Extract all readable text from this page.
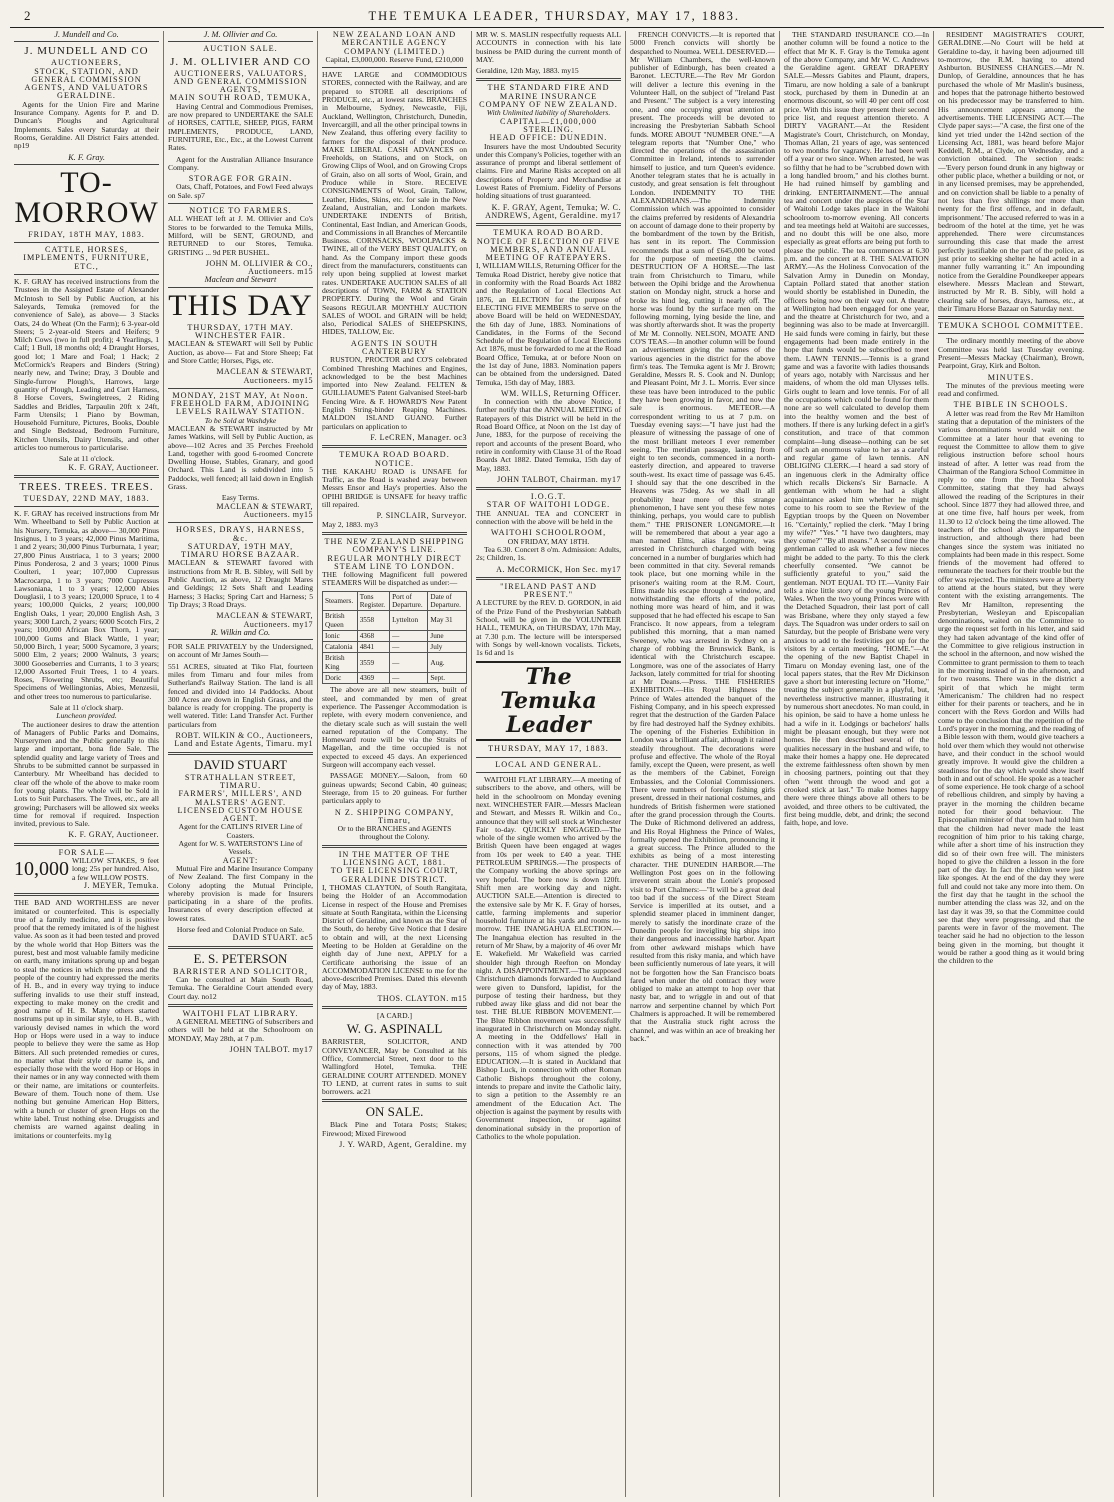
2	THE TEMUKA LEADER, THURSDAY, MAY 17, 1883.
J. Mundell and Co.
J. MUNDELL AND CO
AUCTIONEERS,
STOCK, STATION, AND GENERAL COMMISSION AGENTS, AND VALUATORS GERALDINE.

Agents for the Union Fire and Marine Insurance Company. Agents for P. and D. Duncan's Ploughs and Agricultural Implements. Sales every Saturday at their Rooms, Geraldine. All District Fairs attended. np19

K. F. Gray.
TO-MORROW
FRIDAY, 18TH MAY, 1883.
CATTLE, HORSES, IMPLEMENTS, FURNITURE, ETC.,

K. F. GRAY has received instructions from the Trustees in the Assigned Estate of Alexander McIntosh to Sell by Public Auction, at his Saleyards, Temuka (removed for the convenience of Sale), as above— 3 Stacks Oats, 24 do Wheat (On the Farm); 6 3-year-old Steers; 5 2-year-old Steers and Heifers; 9 Milch Cows (two in full profit); 4 Yearlings, 1 Calf; 1 Bull, 18 months old; 4 Draught Horses, good lot; 1 Mare and Foal; 1 Hack; 2 McCormick's Reapers and Binders (String) nearly new, and Twine; Dray, 3 Double and Single-furrow Plough's, Harrows, large quantity of Plough, Leading and Cart Harness, 8 Horse Covers, Swingletrees, 2 Riding Saddles and Bridles, Tarpaulin 20ft x 24ft, Farm Utensils; 1 Piano by Bowman, Household Furniture, Pictures, Books, Double and Single Bedstead, Bedroom Furniture, Kitchen Utensils, Dairy Utensils, and other articles too numerous to particularise.

Sale at 11 o'clock.
K. F. GRAY, Auctioneer.
TREES. TREES. TREES.
TUESDAY, 22ND MAY, 1883.

K. F. GRAY has received instructions from Mr Wm. Wheelband to Sell by Public Auction at his Nursery, Temuka, as above— 30,000 Pinus Insignus, 1 to 3 years; 42,000 Pinus Maritima, 1 and 2 years; 30,000 Pinus Turburnata, 1 year; 27,800 Pinus Austriaca, 1 to 3 years; 2000 Pinus Ponderosa, 2 and 3 years; 1000 Pinus Coulteri, 1 year; 107,000 Cupressus Macrocarpa, 1 to 3 years; 7000 Cupressus Lawsoniana, 1 to 3 years; 12,000 Abies Douglasii, 1 to 3 years; 120,000 Spruce, 1 to 4 years; 100,000 Quicks, 2 years; 100,000 English Oaks, 1 year; 20,000 English Ash, 3 years; 3000 Larch, 2 years; 6000 Scotch Firs, 2 years; 100,000 African Box Thorn, 1 year; 100,000 Gums and Black Wattle, 1 year; 50,000 Birch, 1 year; 5000 Sycamore, 3 years; 5000 Elm, 2 years; 2000 Walnuts, 3 years; 3000 Gooseberries and Currants, 1 to 3 years; 12,000 Assorted Fruit Trees, 1 to 4 years. Roses, Flowering Shrubs, etc; Beautiful Specimens of Wellingtonias, Abies, Menzesii, and other trees too numerous to particularise.

Sale at 11 o'clock sharp.
Luncheon provided.

The auctioneer desires to draw the attention of Managers of Public Parks and Domains, Nurserymen and the Public generally to this large and important, bona fide Sale. The splendid quality and large variety of Trees and Shrubs to be submitted cannot be surpassed in Canterbury. Mr Wheelband has decided to clear off the whole of the above to make room for young plants. The whole will be Sold in Lots to Suit Purchasers. The Trees, etc., are all growing; Purchasers will be allowed six weeks time for removal if required. Inspection invited, previous to Sale.

K. F. GRAY, Auctioneer.
FOR SALE—
10,000 WILLOW STAKES, 9 feet long; 25s per hundred. Also, a few WILLOW POSTS.
J. MEYER, Temuka.

THE BAD AND WORTHLESS are never imitated or counterfeited. This is especially true of a family medicine, and it is positive proof that the remedy imitated is of the highest value. As soon as it had been tested and proved by the whole world that Hop Bitters was the purest, best and most valuable family medicine on earth, many imitations sprung up and began to steal the notices in which the press and the people of the country had expressed the merits of H. B., and in every way trying to induce suffering invalids to use their stuff instead, expecting to make money on the credit and good name of H. B. Many others started nostrums put up in similar style, to H. B., with variously devised names in which the word Hop or Hops were used in a way to induce people to believe they were the same as Hop Bitters. All such pretended remedies or cures, no matter what their style or name is, and especially those with the word Hop or Hops in their names or in any way connected with them or their name, are imitations or counterfeits. Beware of them. Touch none of them. Use nothing but genuine American Hop Bitters, with a bunch or cluster of green Hops on the white label. Trust nothing else. Druggists and chemists are warned against dealing in imitations or counterfeits. my1g

J. M. Ollivier and Co.
AUCTION SALE.
J. M. OLLIVIER AND CO
AUCTIONEERS, VALUATORS, AND GENERAL COMMISSION AGENTS,
MAIN SOUTH ROAD, TEMUKA,

Having Central and Commodious Premises, are now prepared to UNDERTAKE the SALE of HORSES, CATTLE, SHEEP, PIGS, FARM IMPLEMENTS, PRODUCE, LAND, FURNITURE, Etc., Etc., at the Lowest Current Rates.

Agent for the Australian Alliance Insurance Company.

STORAGE FOR GRAIN.

Oats, Chaff, Potatoes, and Fowl Feed always on Sale. sp7

NOTICE TO FARMERS.

ALL WHEAT left at J. M. Ollivier and Co's Stores to be forwarded to the Temuka Mills, Milford, will be SENT, GROUND, and RETURNED to our Stores, Temuka. GRISTING ... 9d PER BUSHEL.

JOHN M. OLLIVIER & CO., Auctioneers. m15
Maclean and Stewart
THIS DAY
THURSDAY, 17TH MAY.
WINCHESTER FAIR.

MACLEAN & STEWART will Sell by Public Auction, as above— Fat and Store Sheep; Fat and Store Cattle; Horses, Pigs, etc.

MACLEAN & STEWART, Auctioneers. my15
MONDAY, 21ST MAY, At Noon.
FREEHOLD FARM, ADJOINING LEVELS RAILWAY STATION.
To be Sold at Washdyke

MACLEAN & STEWART instructed by Mr James Watkins, will Sell by Public Auction, as above—102 Acres and 35 Perches Freehold Land, together with good 6-roomed Concrete Dwelling House, Stables, Granary, and good Orchard. This Land is subdivided into 5 Paddocks, well fenced; all laid down in English Grass.

Easy Terms.
MACLEAN & STEWART, Auctioneers. my15
HORSES, DRAYS, HARNESS, &c.
SATURDAY, 19TH MAY,
TIMARU HORSE BAZAAR.

MACLEAN & STEWART favored with instructions from Mr R. B. Sibley, will Sell by Public Auction, as above, 12 Draught Mares and Geldings; 12 Sets Shaft and Leading Harness; 3 Hacks; Spring Cart and Harness; 5 Tip Drays; 3 Road Drays.

MACLEAN & STEWART, Auctioneers. my17
R. Wilkin and Co.

FOR SALE PRIVATELY by the Undersigned, on account of Mr James South—

551 ACRES, situated at Tiko Flat, fourteen miles from Timaru and four miles from Sutherland's Railway Station. The land is all fenced and divided into 14 Paddocks. About 300 Acres are down in English Grass, and the balance is ready for cropping. The property is well watered. Title: Land Transfer Act. Further particulars from

ROBT. WILKIN & CO., Auctioneers, Land and Estate Agents, Timaru. my1
DAVID STUART
STRATHALLAN STREET, TIMARU.
FARMERS', MILLERS', AND MALSTERS' AGENT.
LICENSED CUSTOM HOUSE AGENT.
Agent for the CATLIN'S RIVER Line of Coasters.
Agent for W. S. WATERSTON'S Line of Vessels.
AGENT:

Mutual Fire and Marine Insurance Company of New Zealand. The first Company in the Colony adopting the Mutual Principle, whereby provision is made for Insurers participating in a share of the profits. Insurances of every description effected at lowest rates.

Horse feed and Colonial Produce on Sale.
DAVID STUART. ac5
E. S. PETERSON
BARRISTER AND SOLICITOR,

Can be consulted at Main South Road, Temuka. The Geraldine Court attended every Court day. no12

WAITOHI FLAT LIBRARY.

A GENERAL MEETING of Subscribers and others will be held at the Schoolroom on MONDAY, May 28th, at 7 p.m.

JOHN TALBOT. my17
NEW ZEALAND LOAN AND MERCANTILE AGENCY COMPANY (LIMITED.)
Capital, £3,000,000. Reserve Fund, £210,000

HAVE LARGE and COMMODIOUS STORES, connected with the Railway, and are prepared to STORE all descriptions of PRODUCE, etc., at lowest rates. BRANCHES in Melbourne, Sydney, Newcastle, Fiji, Auckland, Wellington, Christchurch, Dunedin, Invercargill, and all the other principal towns in New Zealand, thus offering every facility to farmers for the disposal of their produce. MAKE LIBERAL CASH ADVANCES on Freeholds, on Stations, and on Stock, on Growing Clips of Wool, and on Growing Crops of Grain, also on all sorts of Wool, Grain, and Produce while in Store. RECEIVE CONSIGNMENTS of Wool, Grain, Tallow, Leather, Hides, Skins, etc. for sale in the New Zealand, Australian, and London markets. UNDERTAKE INDENTS of British, Continental, East Indian, and American Goods, and Commissions in all Branches of Mercantile Business. CORNSACKS, WOOLPACKS & TWINE, all of the VERY BEST QUALITY, on hand. As the Company import these goods direct from the manufacturers, constituents can rely upon being supplied at lowest market rates. UNDERTAKE AUCTION SALES of all descriptions of TOWN, FARM & STATION PROPERTY. During the Wool and Grain Seasons REGULAR MONTHLY AUCTION SALES of WOOL and GRAIN will be held; also, Periodical SALES of SHEEPSKINS, HIDES, TALLOW, Etc.

AGENTS IN SOUTH CANTERBURY

RUSTON, PROCTOR and CO'S celebrated Combined Threshing Machines and Engines, acknowledged to be the best Machines imported into New Zealand. FELTEN & GUILLIAUME'S Patent Galvanised Steel-barb Fencing Wire. & F. HOWARD'S New Patent English String-binder Reaping Machines. MALDON ISLAND GUANO. Further particulars on application to

F. LeCREN, Manager. oc3
TEMUKA ROAD BOARD.
NOTICE.

THE KAKAHU ROAD is UNSAFE for Traffic, as the Road is washed away between Messrs Ensor and Hay's properties. Also the OPIHI BRIDGE is UNSAFE for heavy traffic till repaired.

P. SINCLAIR, Surveyor.
May 2, 1883. my3
THE NEW ZEALAND SHIPPING COMPANY'S LINE.
REGULAR MONTHLY DIRECT STEAM LINE TO LONDON.

THE following Magnificent full powered STEAMERS Will be dispatched as under:—

Steamers.	Tons Register.	Port of Departure.	Date of Departure.
British Queen	3558	Lyttelton	May 31
Ionic	4368	—	June
Catalonia	4841	—	July
British King	3559	—	Aug.
Doric	4369	—	Sept.

The above are all new steamers, built of steel, and commanded by men of great experience. The Passenger Accommodation is replete, with every modern convenience, and the dietary scale such as will sustain the well earned reputation of the Company. The Homeward route will be via the Straits of Magellan, and the time occupied is not expected to exceed 45 days. An experienced Surgeon will accompany each vessel.

PASSAGE MONEY.—Saloon, from 60 guineas upwards; Second Cabin, 40 guineas; Steerage, from 15 to 20 guineas. For further particulars apply to

N Z. SHIPPING COMPANY, Timaru,
Or to the BRANCHES and AGENTS throughout the Colony.
IN THE MATTER OF THE LICENSING ACT, 1881.
TO THE LICENSING COURT, GERALDINE DISTRICT.

I, THOMAS CLAYTON, of South Rangitata, being the Holder of an Accommodation License in respect of the House and Premises situate at South Rangitata, within the Licensing District of Geraldine, and known as the Star of the South, do hereby Give Notice that I desire to obtain and will, at the next Licensing Meeting to be Holden at Geraldine on the eighth day of June next, APPLY for a Certificate authorising the issue of an ACCOMMODATION LICENSE to me for the above-described Premises. Dated this eleventh day of May, 1883.

THOS. CLAYTON. m15
[A CARD.]
W. G. ASPINALL

BARRISTER, SOLICITOR, AND CONVEYANCER, May be Consulted at his Office, Commercial Street, next door to the Wallingford Hotel, Temuka. THE GERALDINE COURT ATTENDED. MONEY TO LEND, at current rates in sums to suit borrowers. ac21

ON SALE.

Black Pine and Totara Posts; Stakes; Firewood; Mixed Firewood

J. Y. WARD, Agent, Geraldine. my

MR W. S. MASLIN respectfully requests ALL ACCOUNTS in connection with his late business be PAID during the current month of MAY.

Geraldine, 12th May, 1883. my15
THE STANDARD FIRE AND MARINE INSURANCE COMPANY OF NEW ZEALAND.
With Unlimited liability of Shareholders.
CAPITAL—£1,000,000 STERLING.
HEAD OFFICE: DUNEDIN.

Insurers have the most Undoubted Security under this Company's Policies, together with an assurance of prompt and liberal settlement of claims. Fire and Marine Risks accepted on all descriptions of Property and Merchandise at Lowest Rates of Premium. Fidelity of Persons holding situations of trust guaranteed.

K. F. GRAY, Agent, Temuka; W. C. ANDREWS, Agent, Geraldine. my17
TEMUKA ROAD BOARD.
NOTICE OF ELECTION OF FIVE MEMBERS, AND ANNUAL MEETING OF RATEPAYERS.

I, WILLIAM WILLS, Returning Officer for the Temuka Road District, hereby give notice that in conformity with the Road Boards Act 1882 and the Regulation of Local Elections Act 1876, an ELECTION for the purpose of ELECTING FIVE MEMBERS to serve on the above Board will be held on WEDNESDAY, the 6th day of June, 1883. Nominations of Candidates, in the Forms of the Second Schedule of the Regulation of Local Elections Act 1876, must be forwarded to me at the Road Board Office, Temuka, at or before Noon on the 1st day of June, 1883. Nomination papers can be obtained from the undersigned. Dated Temuka, 15th day of May, 1883.

WM. WILLS, Returning Officer.

In connection with the above Notice, I further notify that the ANNUAL MEETING of Ratepayers of this District will be held in the Road Board Office, at Noon on the 1st day of June, 1883, for the purpose of receiving the report and accounts of the present Board, who retire in conformity with Clause 31 of the Road Boards Act 1882. Dated Temuka, 15th day of May, 1883.

JOHN TALBOT, Chairman. my17
I.O.G.T.
STAR OF WAITOHI LODGE.

THE ANNUAL TEA and CONCERT in connection with the above will be held in the

WAITOHI SCHOOLROOM,
ON FRIDAY, MAY 18TH.

Tea 6.30. Concert 8 o'm. Admission: Adults, 2s; Children, 1s.

A. McCORMICK, Hon Sec. my17
"IRELAND PAST AND PRESENT."

A LECTURE by the REV. D. GORDON, in aid of the Prize Fund of the Presbyterian Sabbath School, will be given in the VOLUNTEER HALL, TEMUKA, on THURSDAY, 17th May, at 7.30 p.m. The lecture will be interspersed with Songs by well-known vocalists. Tickets, 1s 6d and 1s

The Temuka Leader
THURSDAY, MAY 17, 1883.
LOCAL AND GENERAL.

WAITOHI FLAT LIBRARY.—A meeting of subscribers to the above, and others, will be held in the schoolroom on Monday evening next. WINCHESTER FAIR.—Messrs Maclean and Stewart, and Messrs R. Wilkin and Co., announce that they will sell stock at Winchester Fair to-day. QUICKLY ENGAGED.—The whole of the single women who arrived by the British Queen have been engaged at wages from 10s per week to £40 a year. THE PETROLEUM SPRINGS.—The prospects of the Company working the above springs are very hopeful. The bore now is down 120ft. Shift men are working day and night. AUCTION SALE.—Attention is directed to the extensive sale by Mr K. F. Gray of horses, cattle, farming implements and superior household furniture at his yards and rooms to-morrow. THE INANGAHUA ELECTION.—The Inangahua election has resulted in the return of Mr Shaw, by a majority of 46 over Mr E. Wakefield. Mr Wakefield was carried shoulder high through Reefton on Monday night. A DISAPPOINTMENT.—The supposed Christchurch diamonds forwarded to Auckland were given to Dunsford, lapidist, for the purpose of testing their hardness, but they rubbed away like glass and did not bear the test. THE BLUE RIBBON MOVEMENT.—The Blue Ribbon movement was successfully inaugurated in Christchurch on Monday night. A meeting in the Oddfellows' Hall in connection with it was attended by 700 persons, 115 of whom signed the pledge. EDUCATION.—It is stated in Auckland that Bishop Luck, in connection with other Roman Catholic Bishops throughout the colony, intends to prepare and invite the Catholic laity, to sign a petition to the Assembly re an amendment of the Education Act. The objection is against the payment by results with Government inspection, or against denominational subsidy in the proportion of Catholics to the whole population.

FRENCH CONVICTS.—It is reported that 5000 French convicts will shortly be despatched to Noumea. WELL DESERVED.—Mr William Chambers, the well-known publisher of Edinburgh, has been created a Baronet. LECTURE.—The Rev Mr Gordon will deliver a lecture this evening in the Volunteer Hall, on the subject of "Ireland Past and Present." The subject is a very interesting one, and one occupying great attention at present. The proceeds will be devoted to increasing the Presbyterian Sabbath School funds. MORE ABOUT "NUMBER ONE."—A telegram reports that "Number One," who directed the operations of the assassination Committee in Ireland, intends to surrender himself to justice, and turn Queen's evidence. Another telegram states that he is actually in custody, and great sensation is felt throughout London. INDEMNITY TO THE ALEXANDRIANS.—The Indemnity Commission which was appointed to consider the claims preferred by residents of Alexandria on account of damage done to their property by the bombardment of the town by the British, has sent in its report. The Commission recommends that a sum of £645,000 be voted for the purpose of meeting the claims. DESTRUCTION OF A HORSE.—The last train from Christchurch to Timaru, while between the Opihi bridge and the Arowhenua station on Monday night, struck a horse and broke its hind leg, cutting it nearly off. The horse was found by the surface men on the following morning, lying beside the line, and was shortly afterwards shot. It was the property of Mr M. Connolly. NELSON, MOATE AND CO'S TEAS.—In another column will be found an advertisement giving the names of the various agencies in the district for the above firm's teas. The Temuka agent is Mr J. Brown; Geraldine, Messrs R. S. Cook and N. Dunlop; and Pleasant Point, Mr J. L. Morris. Ever since these teas have been introduced to the public they have been growing in favor, and now the sale is enormous. METEOR.—A correspondent writing to us at 7 p.m. on Tuesday evening says:—"I have just had the pleasure of witnessing the passage of one of the most brilliant meteors I ever remember seeing. The meridian passage, lasting from eight to ten seconds, commenced in a north-easterly direction, and appeared to traverse south-west. Its exact time of passage was 6.45. I should say that the one described in the Heavens was 75deg. As we shall in all probability hear more of this strange phenomenon, I have sent you these few notes thinking, perhaps, you would care to publish them." THE PRISONER LONGMORE.—It will be remembered that about a year ago a man named Elms, alias Longmore, was arrested in Christchurch charged with being concerned in a number of burglaries which had been committed in that city. Several remands took place, but one morning while in the prisoner's waiting room at the R.M. Court, Elms made his escape through a window, and notwithstanding the efforts of the police, nothing more was heard of him, and it was supposed that he had effected his escape to San Francisco. It now appears, from a telegram published this morning, that a man named Sweeney, who was arrested in Sydney on a charge of robbing the Brunswick Bank, is identical with the Christchurch escapee. Longmore, was one of the associates of Harry Jackson, lately committed for trial for shooting at Mr Deans.—Press. THE FISHERIES EXHIBITION.—His Royal Highness the Prince of Wales attended the banquet of the Fishing Company, and in his speech expressed regret that the destruction of the Garden Palace by fire had destroyed half the Sydney exhibits. The opening of the Fisheries Exhibition in London was a brilliant affair, although it rained steadily throughout. The decorations were profuse and effective. The whole of the Royal family, except the Queen, were present, as well as the members of the Cabinet, Foreign Embassies, and the Colonial Commissioners. There were numbers of foreign fishing girls present, dressed in their national costumes, and hundreds of British fishermen were stationed after the grand procession through the Courts. The Duke of Richmond delivered an address, and His Royal Highness the Prince of Wales, formally opened the Exhibition, pronouncing it a great success. The Prince alluded to the exhibits as being of a most interesting character. THE DUNEDIN HARBOR.—The Wellington Post goes on in the following irreverent strain about the Lonie's proposed visit to Port Chalmers:—"It will be a great deal too bad if the success of the Direct Steam Service is imperilled at its outset, and a splendid steamer placed in imminent danger, merely to satisfy the inordinate craze of the Dunedin people for inveigling big ships into their dangerous and inaccessible harbor. Apart from other awkward mishaps which have resulted from this risky mania, and which have been sufficiently numerous of late years, it will not be forgotten how the San Francisco boats fared when under the old contract they were obliged to make an attempt to hop over that nasty bar, and to wriggle in and out of that narrow and serpentine channel by which Port Chalmers is approached. It will be remembered that the Australia stuck right across the channel, and was within an ace of breaking her back."

THE STANDARD INSURANCE CO.—In another column will be found a notice to the effect that Mr K. F. Gray is the Temuka agent of the above Company, and Mr W. C. Andrews the Geraldine agent. GREAT DRAPERY SALE.—Messrs Gabites and Plaunt, drapers, Timaru, are now holding a sale of a bankrupt stock, purchased by them in Dunedin at an enormous discount, so will 40 per cent off cost price. With this issue they present their second price list, and request attention thereto. A DIRTY VAGRANT.—At the Resident Magistrate's Court, Christchurch, on Monday, Thomas Allan, 21 years of age, was sentenced to two months for vagrancy. He had been well off a year or two since. When arrested, he was so filthy that he had to be "scrubbed down with a long handled broom," and his clothes burnt. He had ruined himself by gambling and drinking. ENTERTAINMENT.—The annual tea and concert under the auspices of the Star of Waitohi Lodge takes place in the Waitohi schoolroom to-morrow evening. All concerts and tea meetings held at Waitohi are successes, and no doubt this will be one also, more especially as great efforts are being put forth to please the public. The tea commences at 6.30 p.m. and the concert at 8. THE SALVATION ARMY.—As the Holiness Convocation of the Salvation Army in Dunedin on Monday, Captain Pollard stated that another station would shortly be established in Dunedin, the officers being now on their way out. A theatre at Wellington had been engaged for one year, and the theatre at Christchurch for two, and a beginning was also to be made at Invercargill. He said funds were coming in fairly, but these engagements had been made entirely in the hope that funds would be subscribed to meet them. LAWN TENNIS.—Tennis is a grand game and was a favorite with ladies thousands of years ago, notably with Narcissus and her maidens, of whom the old man Ulysses tells. Girls ought to learn and love tennis. For of all the occupations which could be found for them none are so well calculated to develop them into the healthy women and the best of mothers. If there is any lurking defect in a girl's constitution, and trace of that common complaint—lung disease—nothing can be set off such an enormous value to her as a careful and regular game of lawn tennis. AN OBLIGING CLERK.—I heard a sad story of an ingenuous clerk in the Admiralty office which recalls Dickens's Sir Barnacle. A gentleman with whom he had a slight acquaintance asked him whether he might come to his room to see the Review of the Egyptian troops by the Queen on November 16. "Certainly," replied the clerk. "May I bring my wife?" "Yes." "I have two daughters, may they come?" "By all means." A second time the gentleman called to ask whether a few nieces might be added to the party. To this the clerk cheerfully consented. "We cannot be sufficiently grateful to you," said the gentleman. NOT EQUAL TO IT.—Vanity Fair tells a nice little story of the young Princes of Wales. When the two young Princes were with the Detached Squadron, their last port of call was Brisbane, where they only stayed a few days. The Squadron was under orders to sail on Saturday, but the people of Brisbane were very anxious to add to the festivities got up for the visitors by a certain meeting. "HOME."—At the opening of the new Baptist Chapel in Timaru on Monday evening last, one of the local papers states, that the Rev Mr Dickinson gave a short but interesting lecture on "Home," treating the subject generally in a playful, but, nevertheless instructive manner, illustrating it by numerous short anecdotes. No man could, in his opinion, be said to have a home unless he had a wife in it. Lodgings or bachelors' halls might be pleasant enough, but they were not homes. He then described several of the qualities necessary in the husband and wife, to make their homes a happy one. He deprecated the extreme faithlessness often shown by men in choosing partners, pointing out that they often "went through the wood and got a crooked stick at last." To make homes happy there were three things above all others to be avoided, and three others to be cultivated, the first being muddle, debt, and drink; the second faith, hope, and love.

RESIDENT MAGISTRATE'S COURT, GERALDINE.—No Court will be held at Geraldine to-day, it having been adjourned till to-morrow, the R.M. having to attend Ashburton. BUSINESS CHANGES.—Mr N. Dunlop, of Geraldine, announces that he has purchased the whole of Mr Maslin's business, and hopes that the patronage hitherto bestowed on his predecessor may be transferred to him. His announcement appears among the advertisements. THE LICENSING ACT.—The Clyde paper says:—"A case, the first one of the kind yet tried under the 142nd section of the Licensing Act, 1881, was heard before Major Keddell, R.M., at Clyde, on Wednesday, and a conviction obtained. The section reads:—'Every person found drunk in any highway or other public place, whether a building or not, or in any licensed premises, may be apprehended, and on conviction shall be liable to a penalty of not less than five shillings nor more than twenty for the first offence, and in default, imprisonment.' The accused referred to was in a bedroom of the hotel at the time, yet he was apprehended. There were circumstances surrounding this case that made the arrest perfectly justifiable on the part of the police, as just prior to seeking shelter he had acted in a manner fully warranting it." An impounding notice from the Geraldine Poundkeeper appears elsewhere. Messrs Maclean and Stewart, instructed by Mr R. B. Sibly, will hold a clearing sale of horses, drays, harness, etc., at their Timaru Horse Bazaar on Saturday next.

TEMUKA SCHOOL COMMITTEE.

The ordinary monthly meeting of the above Committee was held last Tuesday evening. Present—Messrs Mackay (Chairman), Brown, Pearpoint, Gray, Kirk and Bolton.

MINUTES.

The minutes of the previous meeting were read and confirmed.

THE BIBLE IN SCHOOLS.

A letter was read from the Rev Mr Hamilton stating that a deputation of the ministers of the various denominations would wait on the Committee at a later hour that evening to request the Committee to allow them to give religious instruction before school hours instead of after. A letter was read from the Chairman of the Rangiora School Committee in reply to one from the Temuka School Committee, stating that they had always allowed the reading of the Scriptures in their school. Since 1877 they had allowed three, and at one time five, half hours per week, from 11.30 to 12 o'clock being the time allowed. The teachers of the school always imparted the instruction, and although there had been changes since the system was initiated no complaints had been made in this respect. Some friends of the movement had offered to remunerate the teachers for their trouble but the offer was rejected. The ministers were at liberty to attend at the hours stated, but they were content with the existing arrangements. The Rev Mr Hamilton, representing the Presbyterian, Wesleyan and Episcopalian denominations, waited on the Committee to urge the request set forth in his letter, and said they had taken advantage of the kind offer of the Committee to give religious instruction in the school in the afternoon, and now wished the Committee to grant permission to them to teach in the morning instead of in the afternoon, and for two reasons. There was in the district a spirit of that which he might term 'Americanism.' The children had no respect either for their parents or teachers, and he in concert with the Revs Gordon and Wills had come to the conclusion that the repetition of the Lord's prayer in the morning, and the reading of a Bible lesson with them, would give teachers a hold over them which they would not otherwise have, and their conduct in the school would greatly improve. It would give the children a steadiness for the day which would show itself both in and out of school. He spoke as a teacher of some experience. He took charge of a school of rebellious children, and simply by having a prayer in the morning the children became noted for their good behaviour. The Episcopalian minister of that town had told him that the children had never made the least recognition of him prior to his taking charge, while after a short time of his instruction they did so of their own free will. The ministers hoped to give the children a lesson in the fore part of the day. In fact the children were just like sponges. At the end of the day they were full and could not take any more into them. On the first day that he taught in the school the number attending the class was 32, and on the last day it was 39, so that the Committee could see that they were progressing, and that the parents were in favor of the movement. The teacher said he had no objection to the lesson being given in the morning, but thought it would be rather a good thing as it would bring the children to the
